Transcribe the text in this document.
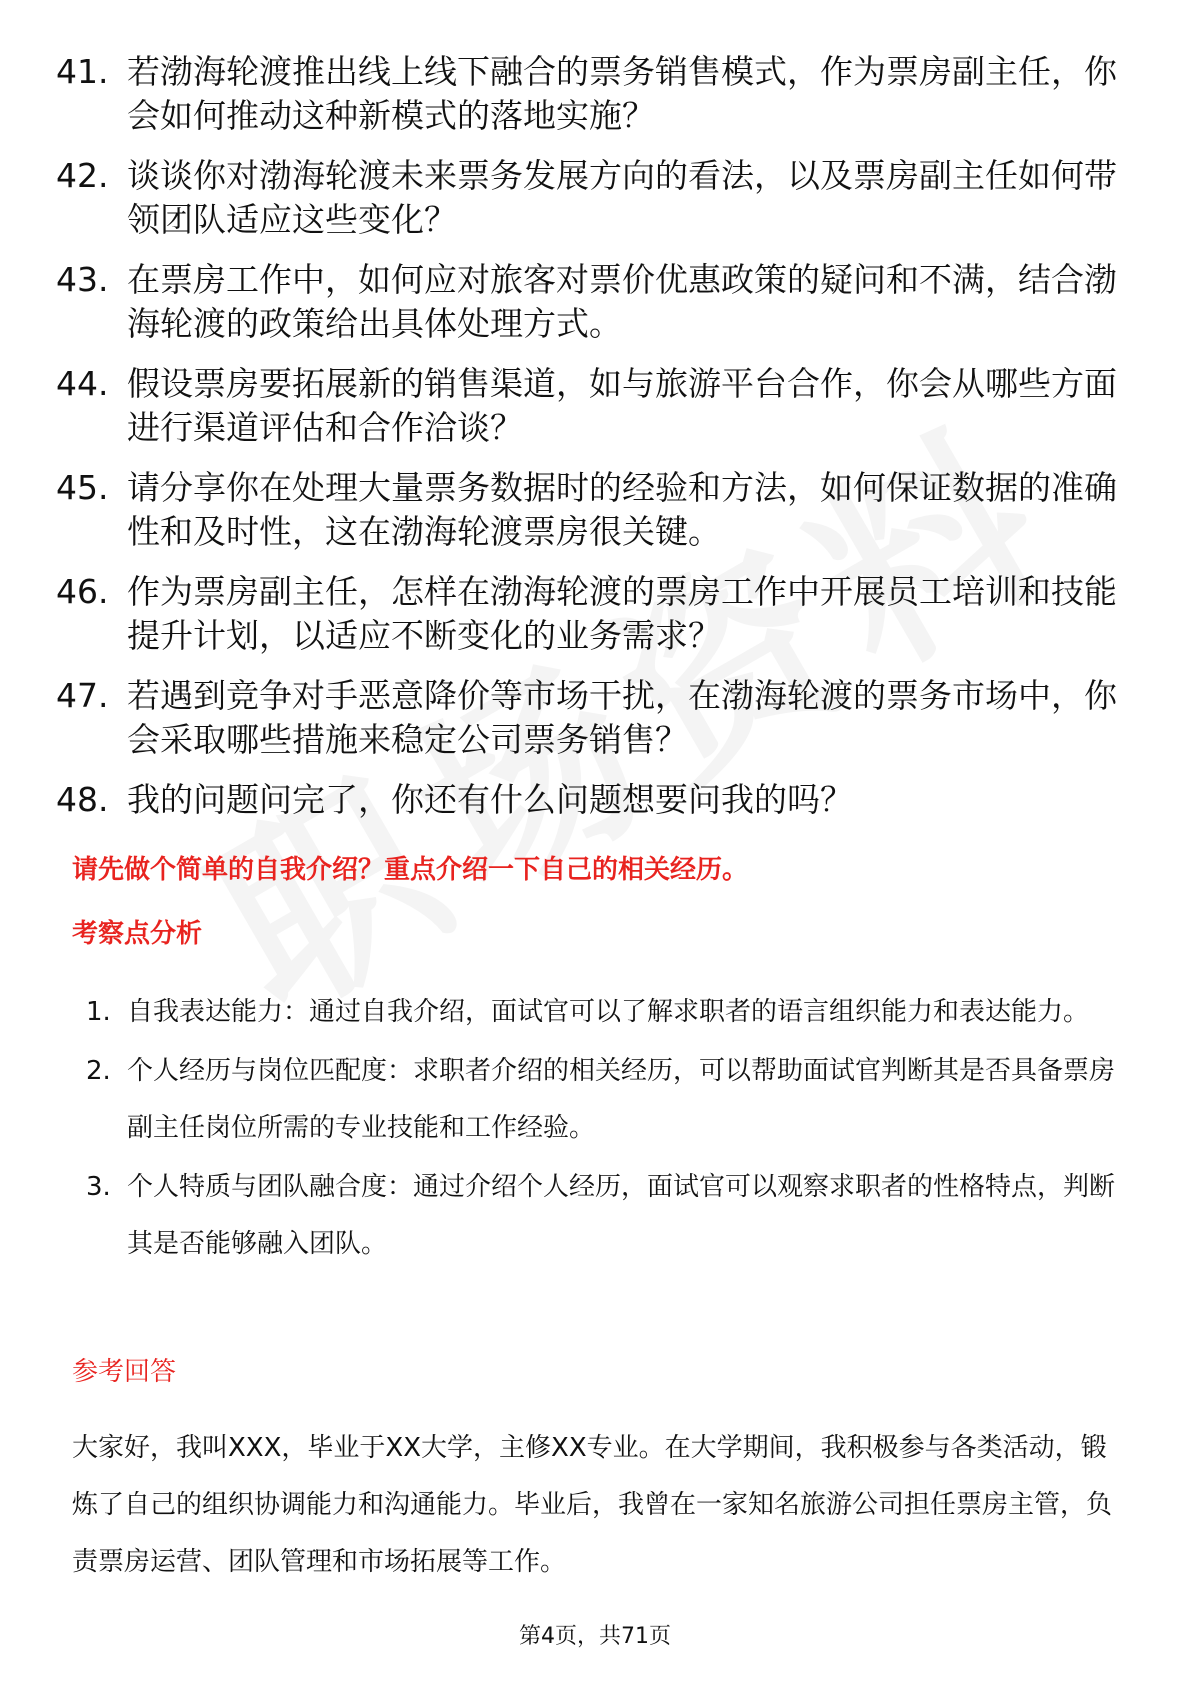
41. 若渤海轮渡推出线上线下融合的票务销售模式，作为票房副主任，你会如何推动这种新模式的落地实施？
42. 谈谈你对渤海轮渡未来票务发展方向的看法，以及票房副主任如何带领团队适应这些变化？
43. 在票房工作中，如何应对旅客对票价优惠政策的疑问和不满，结合渤海轮渡的政策给出具体处理方式。
44. 假设票房要拓展新的销售渠道，如与旅游平台合作，你会从哪些方面进行渠道评估和合作洽谈？
45. 请分享你在处理大量票务数据时的经验和方法，如何保证数据的准确性和及时性，这在渤海轮渡票房很关键。
46. 作为票房副主任，怎样在渤海轮渡的票房工作中开展员工培训和技能提升计划，以适应不断变化的业务需求？
47. 若遇到竞争对手恶意降价等市场干扰，在渤海轮渡的票务市场中，你会采取哪些措施来稳定公司票务销售？
48. 我的问题问完了，你还有什么问题想要问我的吗？
请先做个简单的自我介绍？重点介绍一下自己的相关经历。
考察点分析
1. 自我表达能力：通过自我介绍，面试官可以了解求职者的语言组织能力和表达能力。
2. 个人经历与岗位匹配度：求职者介绍的相关经历，可以帮助面试官判断其是否具备票房副主任岗位所需的专业技能和工作经验。
3. 个人特质与团队融合度：通过介绍个人经历，面试官可以观察求职者的性格特点，判断其是否能够融入团队。
参考回答
大家好，我叫XXX，毕业于XX大学，主修XX专业。在大学期间，我积极参与各类活动，锻炼了自己的组织协调能力和沟通能力。毕业后，我曾在一家知名旅游公司担任票房主管，负责票房运营、团队管理和市场拓展等工作。
第4页，共71页
